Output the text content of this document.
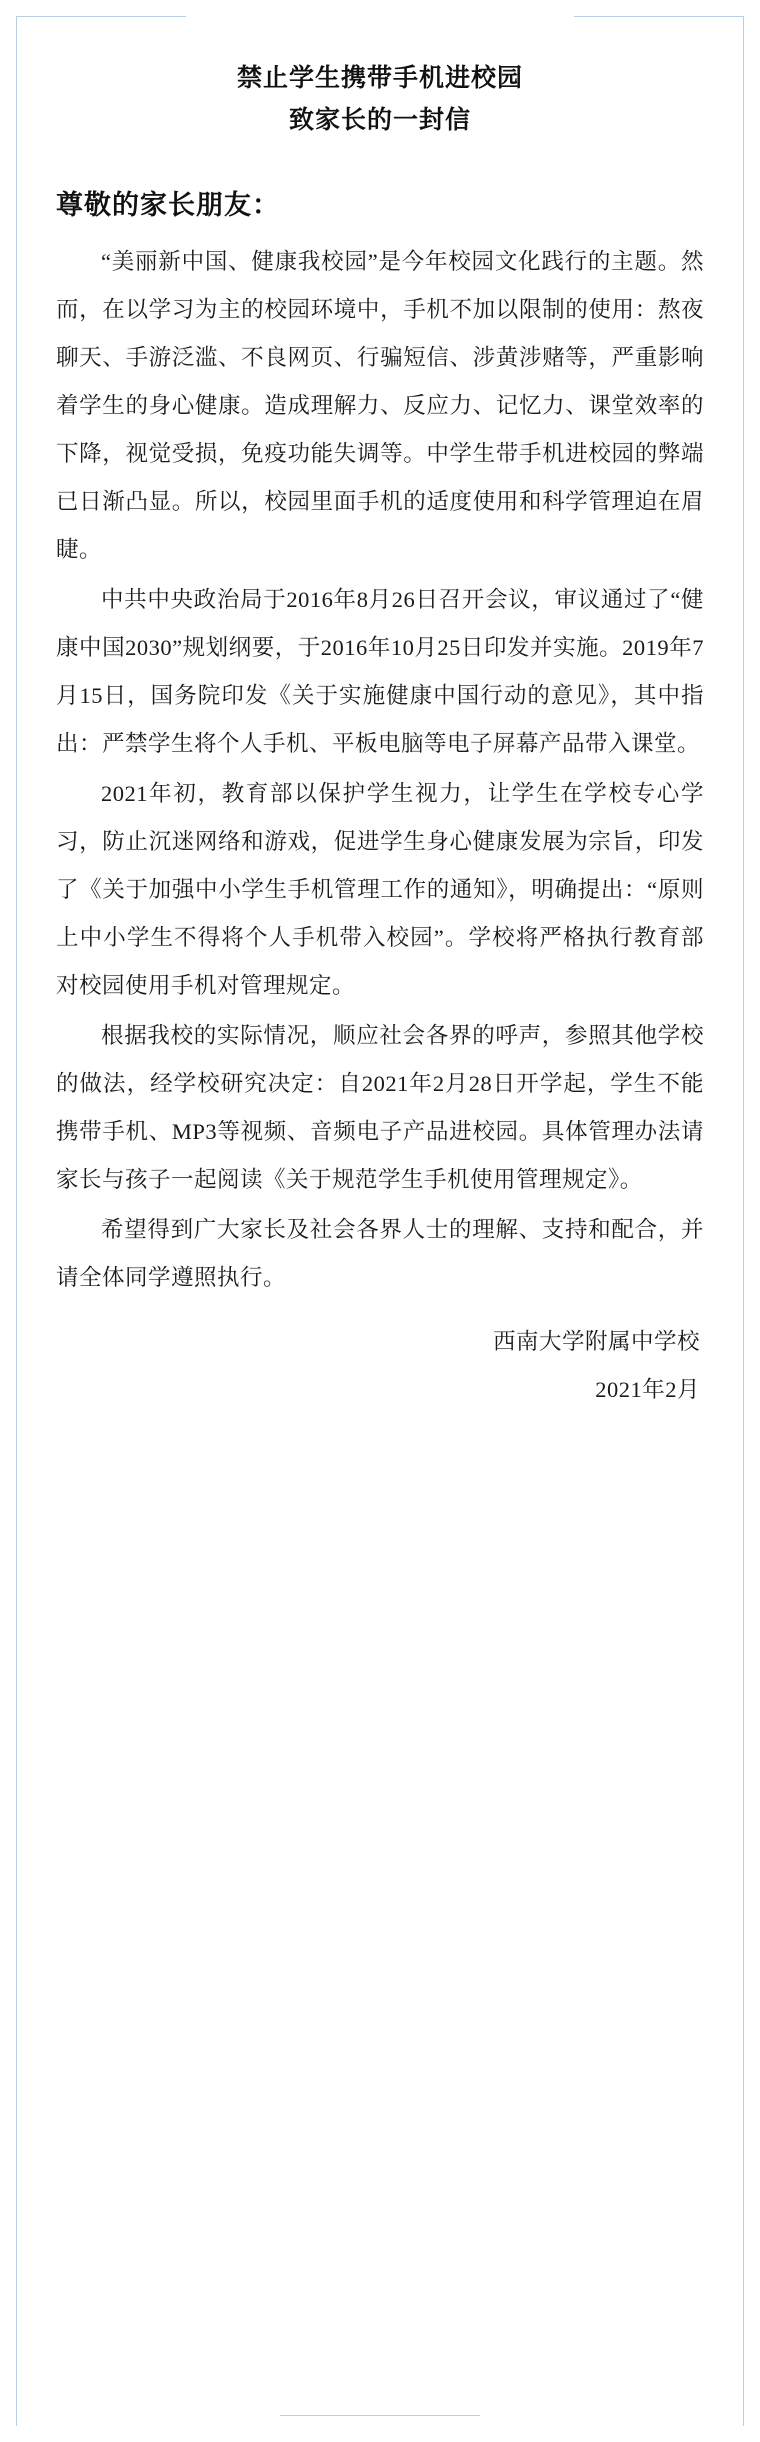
禁止学生携带手机进校园
致家长的一封信
尊敬的家长朋友：

“美丽新中国、健康我校园”是今年校园文化践行的主题。然而，在以学习为主的校园环境中，手机不加以限制的使用：熬夜聊天、手游泛滥、不良网页、行骗短信、涉黄涉赌等，严重影响着学生的身心健康。造成理解力、反应力、记忆力、课堂效率的下降，视觉受损，免疫功能失调等。中学生带手机进校园的弊端已日渐凸显。所以，校园里面手机的适度使用和科学管理迫在眉睫。

中共中央政治局于2016年8月26日召开会议，审议通过了“健康中国2030”规划纲要，于2016年10月25日印发并实施。2019年7月15日，国务院印发《关于实施健康中国行动的意见》，其中指出：严禁学生将个人手机、平板电脑等电子屏幕产品带入课堂。

2021年初，教育部以保护学生视力，让学生在学校专心学习，防止沉迷网络和游戏，促进学生身心健康发展为宗旨，印发了《关于加强中小学生手机管理工作的通知》，明确提出：“原则上中小学生不得将个人手机带入校园”。学校将严格执行教育部对校园使用手机对管理规定。

根据我校的实际情况，顺应社会各界的呼声，参照其他学校的做法，经学校研究决定：自2021年2月28日开学起，学生不能携带手机、MP3等视频、音频电子产品进校园。具体管理办法请家长与孩子一起阅读《关于规范学生手机使用管理规定》。

希望得到广大家长及社会各界人士的理解、支持和配合，并请全体同学遵照执行。

西南大学附属中学校
2021年2月
